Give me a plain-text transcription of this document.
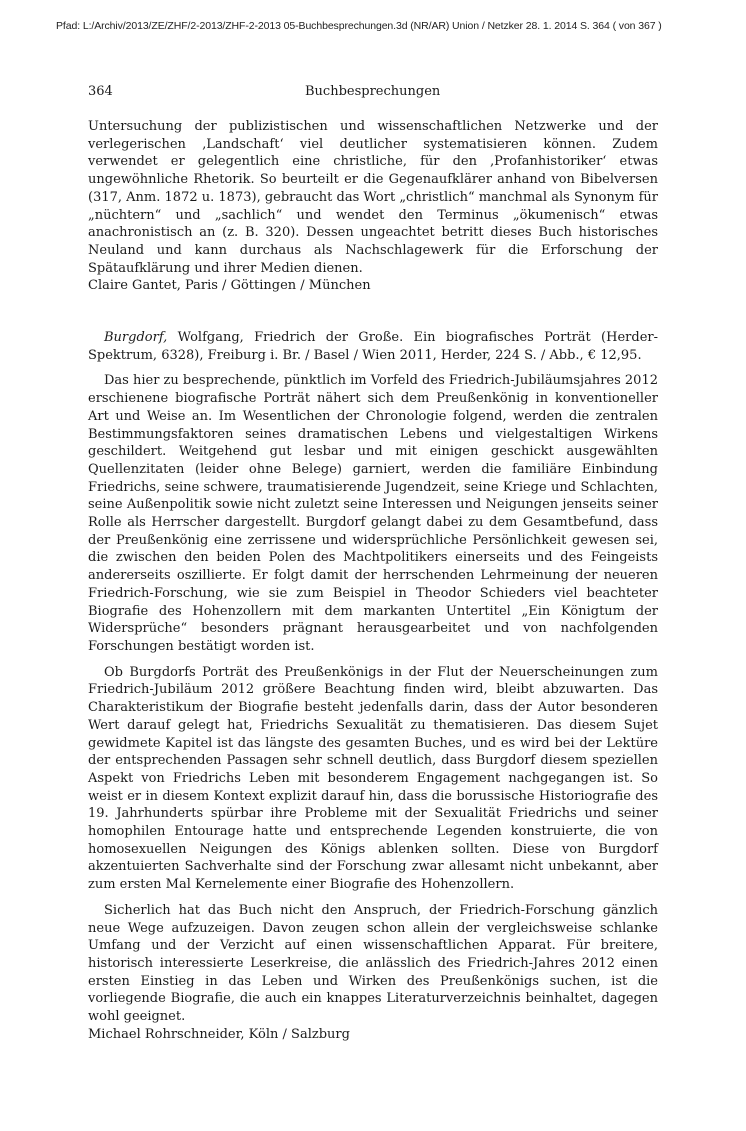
Pfad: L:/Archiv/2013/ZE/ZHF/2-2013/ZHF-2-2013 05-Buchbesprechungen.3d (NR/AR) Union / Netzker 28. 1. 2014 S. 364 ( von 367 )
364	Buchbesprechungen

Untersuchung der publizistischen und wissenschaftlichen Netzwerke und der verlegerischen ‚Landschaft‘ viel deutlicher systematisieren können. Zudem verwendet er gelegentlich eine christliche, für den ‚Profanhistoriker‘ etwas ungewöhnliche Rhetorik. So beurteilt er die Gegenaufklärer anhand von Bibelversen (317, Anm. 1872 u. 1873), gebraucht das Wort „christlich“ manchmal als Synonym für „nüchtern“ und „sachlich“ und wendet den Terminus „ökumenisch“ etwas anachronistisch an (z. B. 320). Dessen ungeachtet betritt dieses Buch historisches Neuland und kann durchaus als Nachschlagewerk für die Erforschung der Spätaufklärung und ihrer Medien dienen.

Claire Gantet, Paris / Göttingen / München

Burgdorf, Wolfgang, Friedrich der Große. Ein biografisches Porträt (Herder-Spektrum, 6328), Freiburg i. Br. / Basel / Wien 2011, Herder, 224 S. / Abb., € 12,95.

Das hier zu besprechende, pünktlich im Vorfeld des Friedrich-Jubiläumsjahres 2012 erschienene biografische Porträt nähert sich dem Preußenkönig in konventioneller Art und Weise an. Im Wesentlichen der Chronologie folgend, werden die zentralen Bestimmungsfaktoren seines dramatischen Lebens und vielgestaltigen Wirkens geschildert. Weitgehend gut lesbar und mit einigen geschickt ausgewählten Quellenzitaten (leider ohne Belege) garniert, werden die familiäre Einbindung Friedrichs, seine schwere, traumatisierende Jugendzeit, seine Kriege und Schlachten, seine Außenpolitik sowie nicht zuletzt seine Interessen und Neigungen jenseits seiner Rolle als Herrscher dargestellt. Burgdorf gelangt dabei zu dem Gesamtbefund, dass der Preußenkönig eine zerrissene und widersprüchliche Persönlichkeit gewesen sei, die zwischen den beiden Polen des Machtpolitikers einerseits und des Feingeists andererseits oszillierte. Er folgt damit der herrschenden Lehrmeinung der neueren Friedrich-Forschung, wie sie zum Beispiel in Theodor Schieders viel beachteter Biografie des Hohenzollern mit dem markanten Untertitel „Ein Königtum der Widersprüche“ besonders prägnant herausgearbeitet und von nachfolgenden Forschungen bestätigt worden ist.

Ob Burgdorfs Porträt des Preußenkönigs in der Flut der Neuerscheinungen zum Friedrich-Jubiläum 2012 größere Beachtung finden wird, bleibt abzuwarten. Das Charakteristikum der Biografie besteht jedenfalls darin, dass der Autor besonderen Wert darauf gelegt hat, Friedrichs Sexualität zu thematisieren. Das diesem Sujet gewidmete Kapitel ist das längste des gesamten Buches, und es wird bei der Lektüre der entsprechenden Passagen sehr schnell deutlich, dass Burgdorf diesem speziellen Aspekt von Friedrichs Leben mit besonderem Engagement nachgegangen ist. So weist er in diesem Kontext explizit darauf hin, dass die borussische Historiografie des 19. Jahrhunderts spürbar ihre Probleme mit der Sexualität Friedrichs und seiner homophilen Entourage hatte und entsprechende Legenden konstruierte, die von homosexuellen Neigungen des Königs ablenken sollten. Diese von Burgdorf akzentuierten Sachverhalte sind der Forschung zwar allesamt nicht unbekannt, aber zum ersten Mal Kernelemente einer Biografie des Hohenzollern.

Sicherlich hat das Buch nicht den Anspruch, der Friedrich-Forschung gänzlich neue Wege aufzuzeigen. Davon zeugen schon allein der vergleichsweise schlanke Umfang und der Verzicht auf einen wissenschaftlichen Apparat. Für breitere, historisch interessierte Leserkreise, die anlässlich des Friedrich-Jahres 2012 einen ersten Einstieg in das Leben und Wirken des Preußenkönigs suchen, ist die vorliegende Biografie, die auch ein knappes Literaturverzeichnis beinhaltet, dagegen wohl geeignet.

Michael Rohrschneider, Köln / Salzburg
